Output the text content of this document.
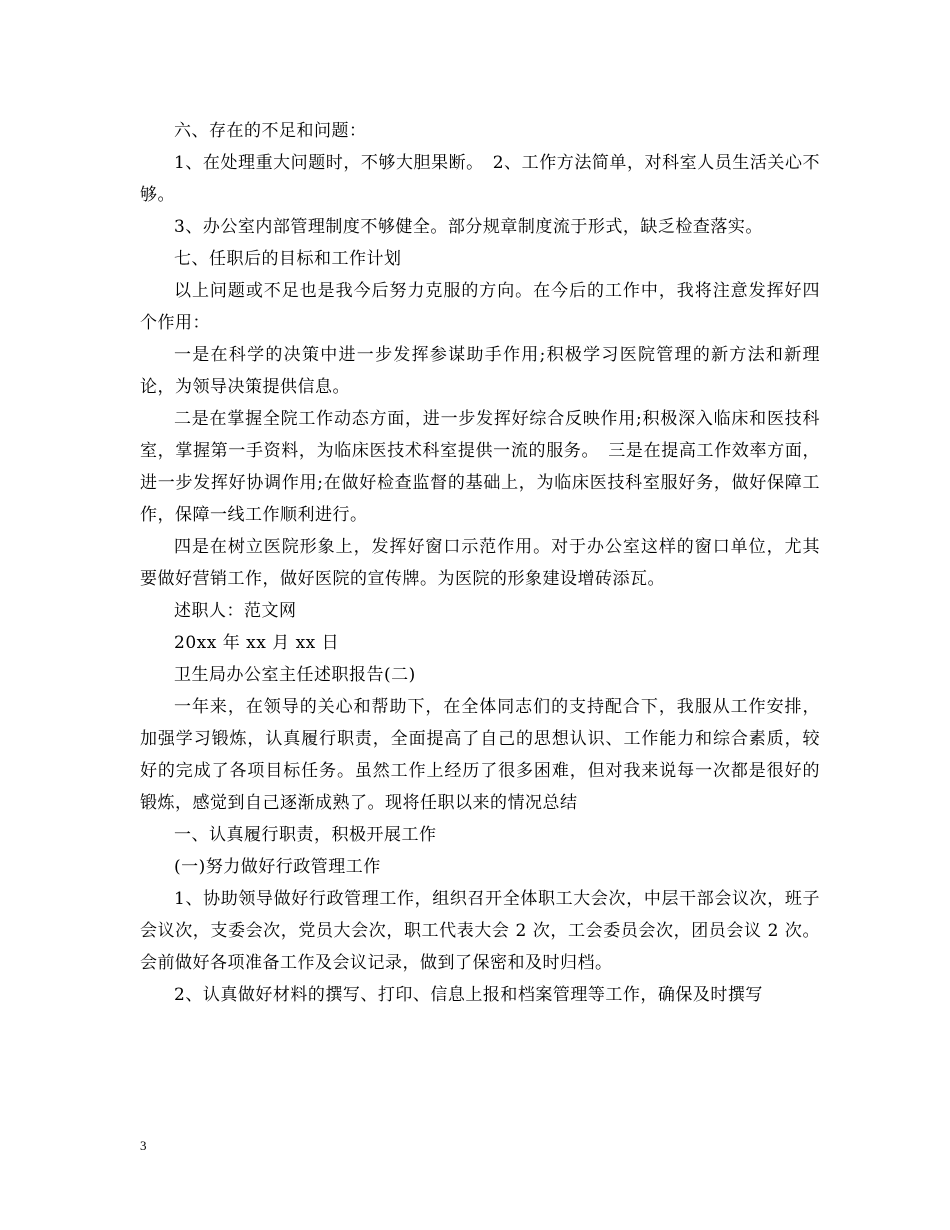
六、存在的不足和问题：

1、在处理重大问题时，不够大胆果断。　2、工作方法简单，对科室人员生活关心不够。

3、办公室内部管理制度不够健全。部分规章制度流于形式，缺乏检查落实。

七、任职后的目标和工作计划

以上问题或不足也是我今后努力克服的方向。在今后的工作中，我将注意发挥好四个作用：

一是在科学的决策中进一步发挥参谋助手作用;积极学习医院管理的新方法和新理论，为领导决策提供信息。

二是在掌握全院工作动态方面，进一步发挥好综合反映作用;积极深入临床和医技科室，掌握第一手资料，为临床医技术科室提供一流的服务。　三是在提高工作效率方面，进一步发挥好协调作用;在做好检查监督的基础上，为临床医技科室服好务，做好保障工作，保障一线工作顺利进行。

四是在树立医院形象上，发挥好窗口示范作用。对于办公室这样的窗口单位，尤其要做好营销工作，做好医院的宣传牌。为医院的形象建设增砖添瓦。

述职人：范文网

20xx 年 xx 月 xx 日

卫生局办公室主任述职报告(二)

一年来，在领导的关心和帮助下，在全体同志们的支持配合下，我服从工作安排，加强学习锻炼，认真履行职责，全面提高了自己的思想认识、工作能力和综合素质，较好的完成了各项目标任务。虽然工作上经历了很多困难，但对我来说每一次都是很好的锻炼，感觉到自己逐渐成熟了。现将任职以来的情况总结

一、认真履行职责，积极开展工作

(一)努力做好行政管理工作

1、协助领导做好行政管理工作，组织召开全体职工大会次，中层干部会议次，班子会议次，支委会次，党员大会次，职工代表大会 2 次，工会委员会次，团员会议 2 次。会前做好各项准备工作及会议记录，做到了保密和及时归档。

2、认真做好材料的撰写、打印、信息上报和档案管理等工作，确保及时撰写

3
